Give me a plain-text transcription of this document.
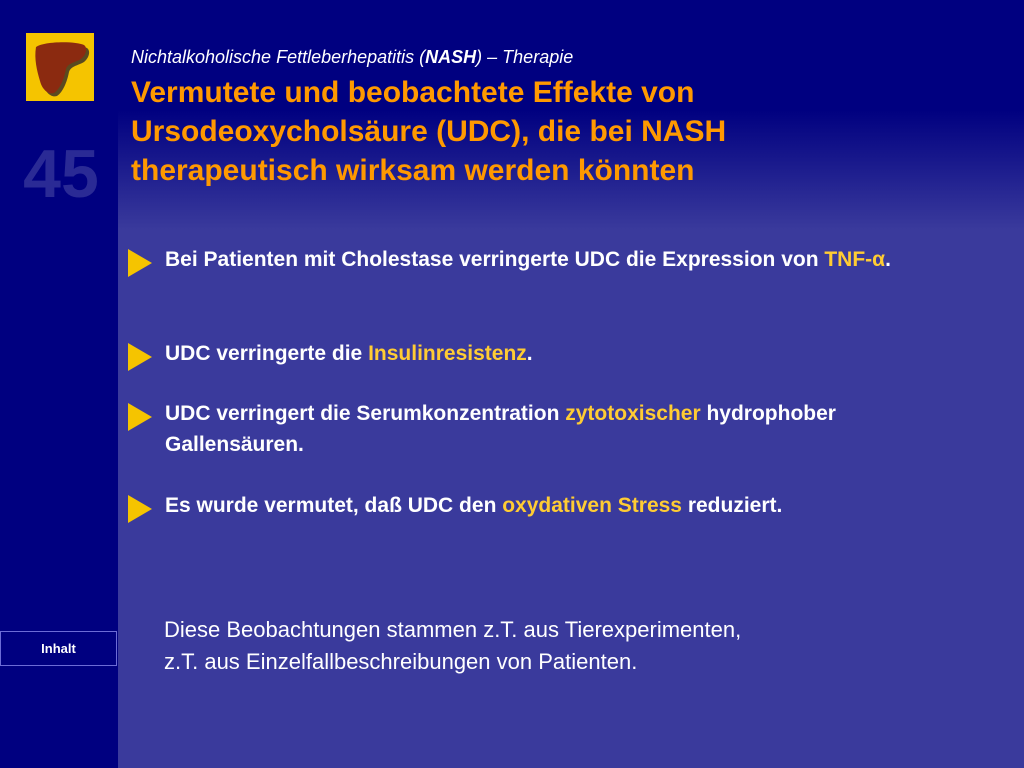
45
Inhalt
Nichtalkoholische Fettleberhepatitis (NASH) – Therapie
Vermutete und beobachtete Effekte von
Ursodeoxycholsäure (UDC), die bei NASH
therapeutisch wirksam werden könnten
Bei Patienten mit Cholestase verringerte UDC die Expression von TNF-α.
UDC verringerte die Insulinresistenz.
UDC verringert die Serumkonzentration zytotoxischer hydrophober Gallensäuren.
Es wurde vermutet, daß UDC den oxydativen Stress reduziert.
Diese Beobachtungen stammen z.T. aus Tierexperimenten,
z.T. aus Einzelfallbeschreibungen von Patienten.
